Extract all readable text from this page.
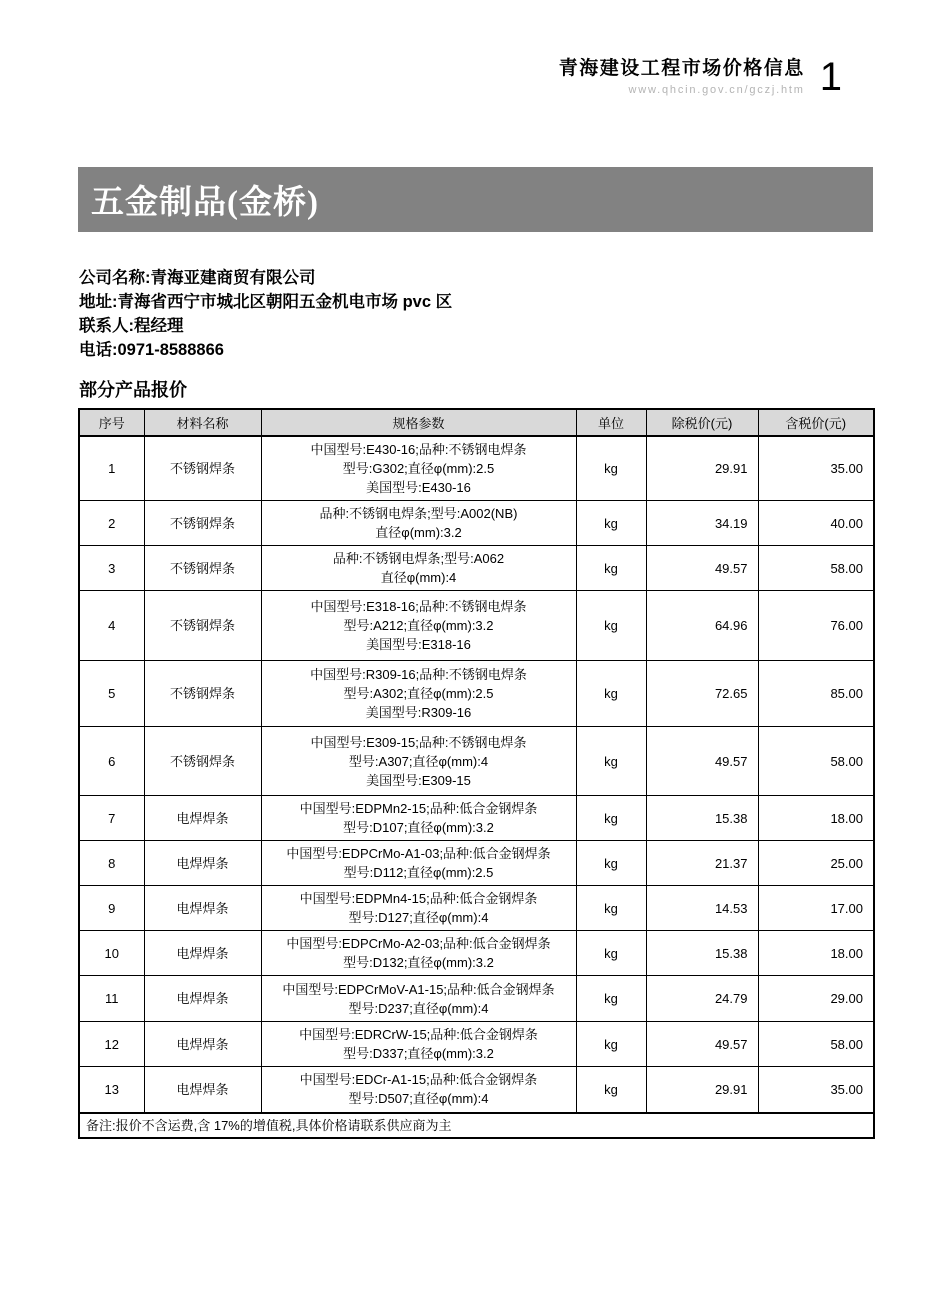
青海建设工程市场价格信息
www.qhcin.gov.cn/gczj.htm 1
五金制品(金桥)
公司名称:青海亚建商贸有限公司
地址:青海省西宁市城北区朝阳五金机电市场 pvc 区
联系人:程经理
电话:0971-8588866
部分产品报价
序号	材料名称	规格参数	单位	除税价(元)	含税价(元)
1	不锈钢焊条	中国型号:E430-16;品种:不锈钢电焊条
型号:G302;直径φ(mm):2.5
美国型号:E430-16	kg	29.91	35.00
2	不锈钢焊条	品种:不锈钢电焊条;型号:A002(NB)
直径φ(mm):3.2	kg	34.19	40.00
3	不锈钢焊条	品种:不锈钢电焊条;型号:A062
直径φ(mm):4	kg	49.57	58.00
4	不锈钢焊条	中国型号:E318-16;品种:不锈钢电焊条
型号:A212;直径φ(mm):3.2
美国型号:E318-16	kg	64.96	76.00
5	不锈钢焊条	中国型号:R309-16;品种:不锈钢电焊条
型号:A302;直径φ(mm):2.5
美国型号:R309-16	kg	72.65	85.00
6	不锈钢焊条	中国型号:E309-15;品种:不锈钢电焊条
型号:A307;直径φ(mm):4
美国型号:E309-15	kg	49.57	58.00
7	电焊焊条	中国型号:EDPMn2-15;品种:低合金钢焊条
型号:D107;直径φ(mm):3.2	kg	15.38	18.00
8	电焊焊条	中国型号:EDPCrMo-A1-03;品种:低合金钢焊条
型号:D112;直径φ(mm):2.5	kg	21.37	25.00
9	电焊焊条	中国型号:EDPMn4-15;品种:低合金钢焊条
型号:D127;直径φ(mm):4	kg	14.53	17.00
10	电焊焊条	中国型号:EDPCrMo-A2-03;品种:低合金钢焊条
型号:D132;直径φ(mm):3.2	kg	15.38	18.00
11	电焊焊条	中国型号:EDPCrMoV-A1-15;品种:低合金钢焊条
型号:D237;直径φ(mm):4	kg	24.79	29.00
12	电焊焊条	中国型号:EDRCrW-15;品种:低合金钢焊条
型号:D337;直径φ(mm):3.2	kg	49.57	58.00
13	电焊焊条	中国型号:EDCr-A1-15;品种:低合金钢焊条
型号:D507;直径φ(mm):4	kg	29.91	35.00
备注:报价不含运费,含 17%的增值税,具体价格请联系供应商为主					
